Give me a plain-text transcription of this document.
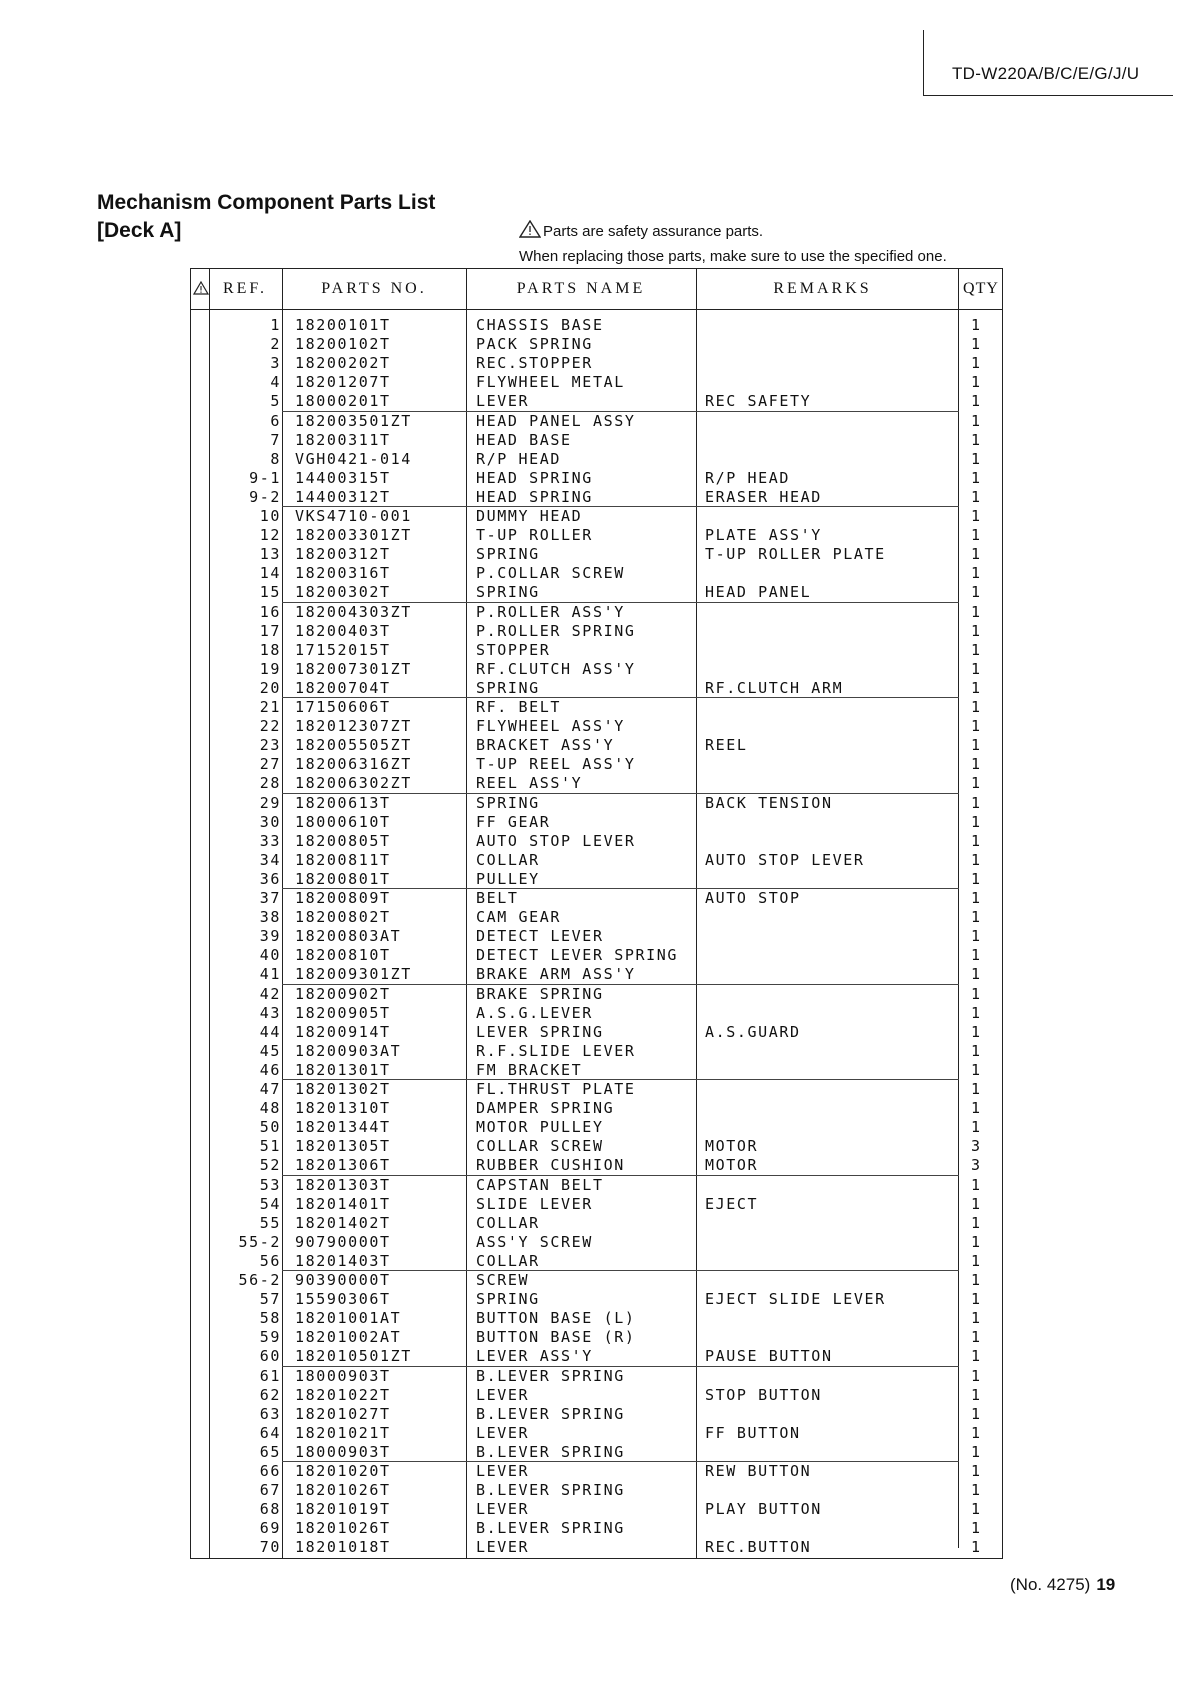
TD-W220A/B/C/E/G/J/U
Mechanism Component Parts List
[Deck A]	Parts are safety assurance parts.
When replacing those parts, make sure to use the specified one.
REF.	PARTS NO.	PARTS NAME	REMARKS	QTY
1 18200101T	CHASSIS BASE	1
2 18200102T	PACK SPRING	1
3 18200202T	REC.STOPPER	1
4 18201207T	FLYWHEEL METAL	1
5 18000201T	LEVER	REC SAFETY	1
6 182003501ZT	HEAD PANEL ASSY	1
7 18200311T	HEAD BASE	1
8 VGH0421-014	R/P HEAD	1
9-1 14400315T	HEAD SPRING	R/P HEAD	1
9-2 14400312T	HEAD SPRING	ERASER HEAD	1
10 VKS4710-001	DUMMY HEAD	1
12 182003301ZT	T-UP ROLLER	PLATE ASS'Y	1
13 18200312T	SPRING	T-UP ROLLER PLATE	1
14 18200316T	P.COLLAR SCREW	1
15 18200302T	SPRING	HEAD PANEL	1
16 182004303ZT	P.ROLLER ASS'Y	1
17 18200403T	P.ROLLER SPRING	1
18 17152015T	STOPPER	1
19 182007301ZT	RF.CLUTCH ASS'Y	1
20 18200704T	SPRING	RF.CLUTCH ARM	1
21 17150606T	RF. BELT	1
22 182012307ZT	FLYWHEEL ASS'Y	1
23 182005505ZT	BRACKET ASS'Y	REEL	1
27 182006316ZT	T-UP REEL ASS'Y	1
28 182006302ZT	REEL ASS'Y	1
29 18200613T	SPRING	BACK TENSION	1
30 18000610T	FF GEAR	1
33 18200805T	AUTO STOP LEVER	1
34 18200811T	COLLAR	AUTO STOP LEVER	1
36 18200801T	PULLEY	1
37 18200809T	BELT	AUTO STOP	1
38 18200802T	CAM GEAR	1
39 18200803AT	DETECT LEVER	1
40 18200810T	DETECT LEVER SPRING	1
41 182009301ZT	BRAKE ARM ASS'Y	1
42 18200902T	BRAKE SPRING	1
43 18200905T	A.S.G.LEVER	1
44 18200914T	LEVER SPRING	A.S.GUARD	1
45 18200903AT	R.F.SLIDE LEVER	1
46 18201301T	FM BRACKET	1
47 18201302T	FL.THRUST PLATE	1
48 18201310T	DAMPER SPRING	1
50 18201344T	MOTOR PULLEY	1
51 18201305T	COLLAR SCREW	MOTOR	3
52 18201306T	RUBBER CUSHION	MOTOR	3
53 18201303T	CAPSTAN BELT	1
54 18201401T	SLIDE LEVER	EJECT	1
55 18201402T	COLLAR	1
55-2 90790000T	ASS'Y SCREW	1
56 18201403T	COLLAR	1
56-2 90390000T	SCREW	1
57 15590306T	SPRING	EJECT SLIDE LEVER	1
58 18201001AT	BUTTON BASE (L)	1
59 18201002AT	BUTTON BASE (R)	1
60 182010501ZT	LEVER ASS'Y	PAUSE BUTTON	1
61 18000903T	B.LEVER SPRING	1
62 18201022T	LEVER	STOP BUTTON	1
63 18201027T	B.LEVER SPRING	1
64 18201021T	LEVER	FF BUTTON	1
65 18000903T	B.LEVER SPRING	1
66 18201020T	LEVER	REW BUTTON	1
67 18201026T	B.LEVER SPRING	1
68 18201019T	LEVER	PLAY BUTTON	1
69 18201026T	B.LEVER SPRING	1
70 18201018T	LEVER	REC.BUTTON	1
(No. 4275) 19
